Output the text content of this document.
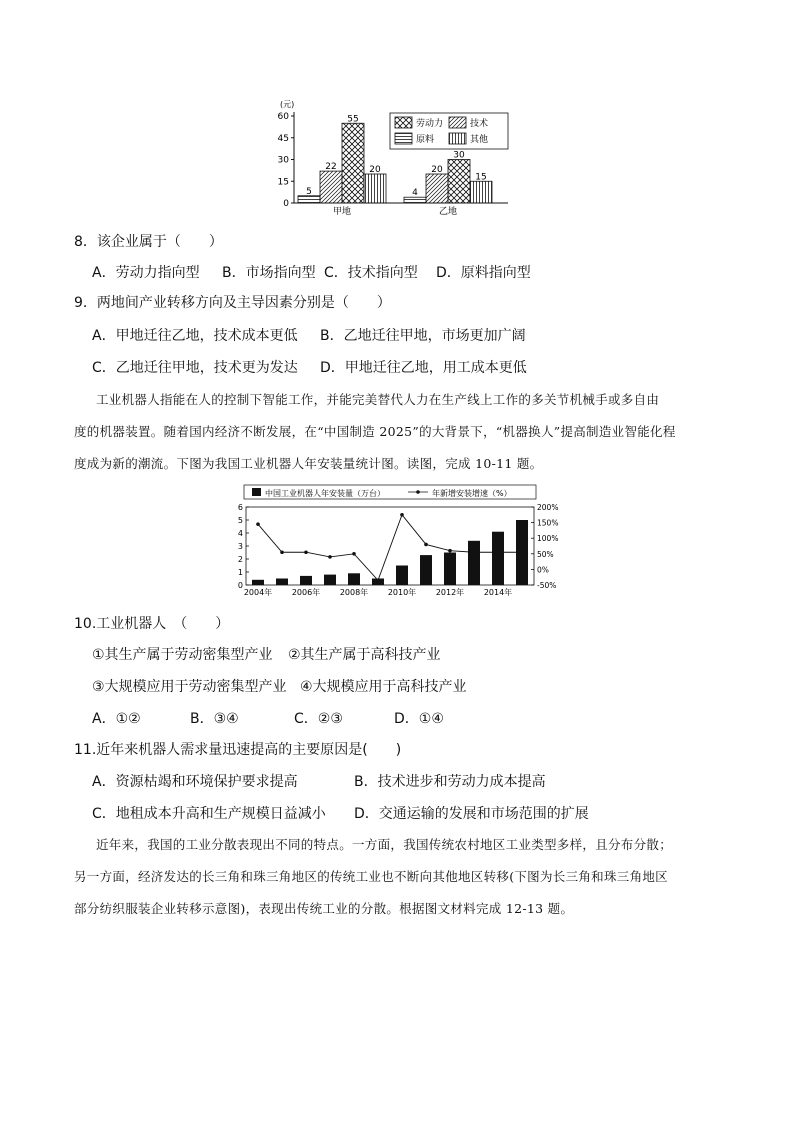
(元)
0
15
30
45
60
5
22
55
20
甲地
4
20
30
15
乙地
劳动力	技术
原料	其他
8．该企业属于（　　）
A．劳动力指向型 B．市场指向型 C．技术指向型 D．原料指向型
9．两地间产业转移方向及主导因素分别是（　　）
A．甲地迁往乙地，技术成本更低 B．乙地迁往甲地，市场更加广阔
C．乙地迁往甲地，技术更为发达 D．甲地迁往乙地，用工成本更低
工业机器人指能在人的控制下智能工作，并能完美替代人力在生产线上工作的多关节机械手或多自由
度的机器装置。随着国内经济不断发展，在“中国制造 2025”的大背景下，“机器换人”提高制造业智能化程
度成为新的潮流。下图为我国工业机器人年安装量统计图。读图，完成 10-11 题。
中国工业机器人年安装量（万台）	年新增安装增速（%）
0
1
2
3
4
5
6
-50%
0%
50%
100%
150%
200%
2004年 2006年 2008年 2010年 2012年 2014年
10.工业机器人　（　　）
①其生产属于劳动密集型产业 ②其生产属于高科技产业
③大规模应用于劳动密集型产业 ④大规模应用于高科技产业
A．①②	B．③④	C．②③	D．①④
11.近年来机器人需求量迅速提高的主要原因是(　　)
A．资源枯竭和环境保护要求提高	B．技术进步和劳动力成本提高
C．地租成本升高和生产规模日益减小 D．交通运输的发展和市场范围的扩展
近年来，我国的工业分散表现出不同的特点。一方面，我国传统农村地区工业类型多样，且分布分散；
另一方面，经济发达的长三角和珠三角地区的传统工业也不断向其他地区转移(下图为长三角和珠三角地区
部分纺织服装企业转移示意图)，表现出传统工业的分散。根据图文材料完成 12-13 题。
